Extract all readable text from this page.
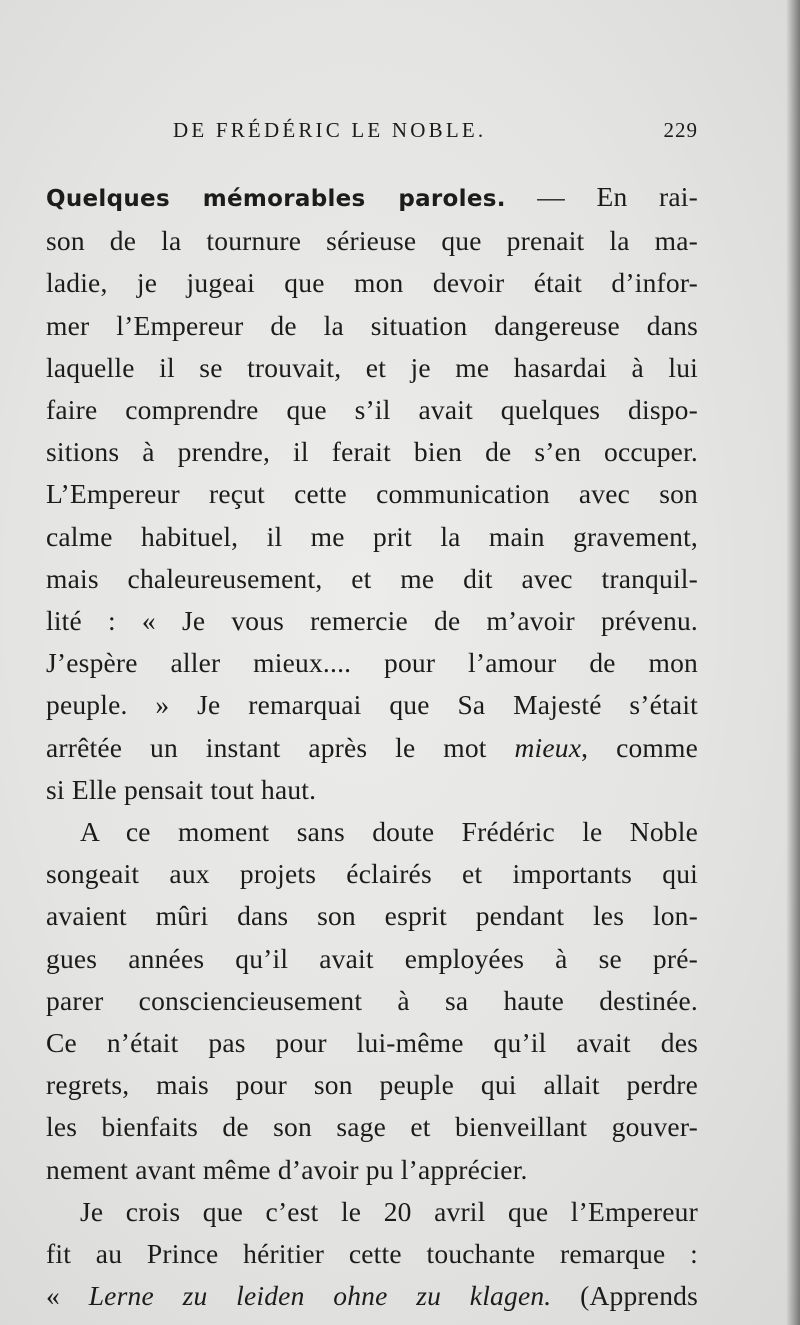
DE FRÉDÉRIC LE NOBLE.	229
Quelques mémorables paroles. — En rai-
son de la tournure sérieuse que prenait la ma-
ladie, je jugeai que mon devoir était d’infor-
mer l’Empereur de la situation dangereuse dans
laquelle il se trouvait, et je me hasardai à lui
faire comprendre que s’il avait quelques dispo-
sitions à prendre, il ferait bien de s’en occuper.
L’Empereur reçut cette communication avec son
calme habituel, il me prit la main gravement,
mais chaleureusement, et me dit avec tranquil-
lité : « Je vous remercie de m’avoir prévenu.
J’espère aller mieux.... pour l’amour de mon
peuple. » Je remarquai que Sa Majesté s’était
arrêtée un instant après le mot mieux, comme
si Elle pensait tout haut.
A ce moment sans doute Frédéric le Noble
songeait aux projets éclairés et importants qui
avaient mûri dans son esprit pendant les lon-
gues années qu’il avait employées à se pré-
parer consciencieusement à sa haute destinée.
Ce n’était pas pour lui-même qu’il avait des
regrets, mais pour son peuple qui allait perdre
les bienfaits de son sage et bienveillant gouver-
nement avant même d’avoir pu l’apprécier.
Je crois que c’est le 20 avril que l’Empereur
fit au Prince héritier cette touchante remarque :
« Lerne zu leiden ohne zu klagen. (Apprends
